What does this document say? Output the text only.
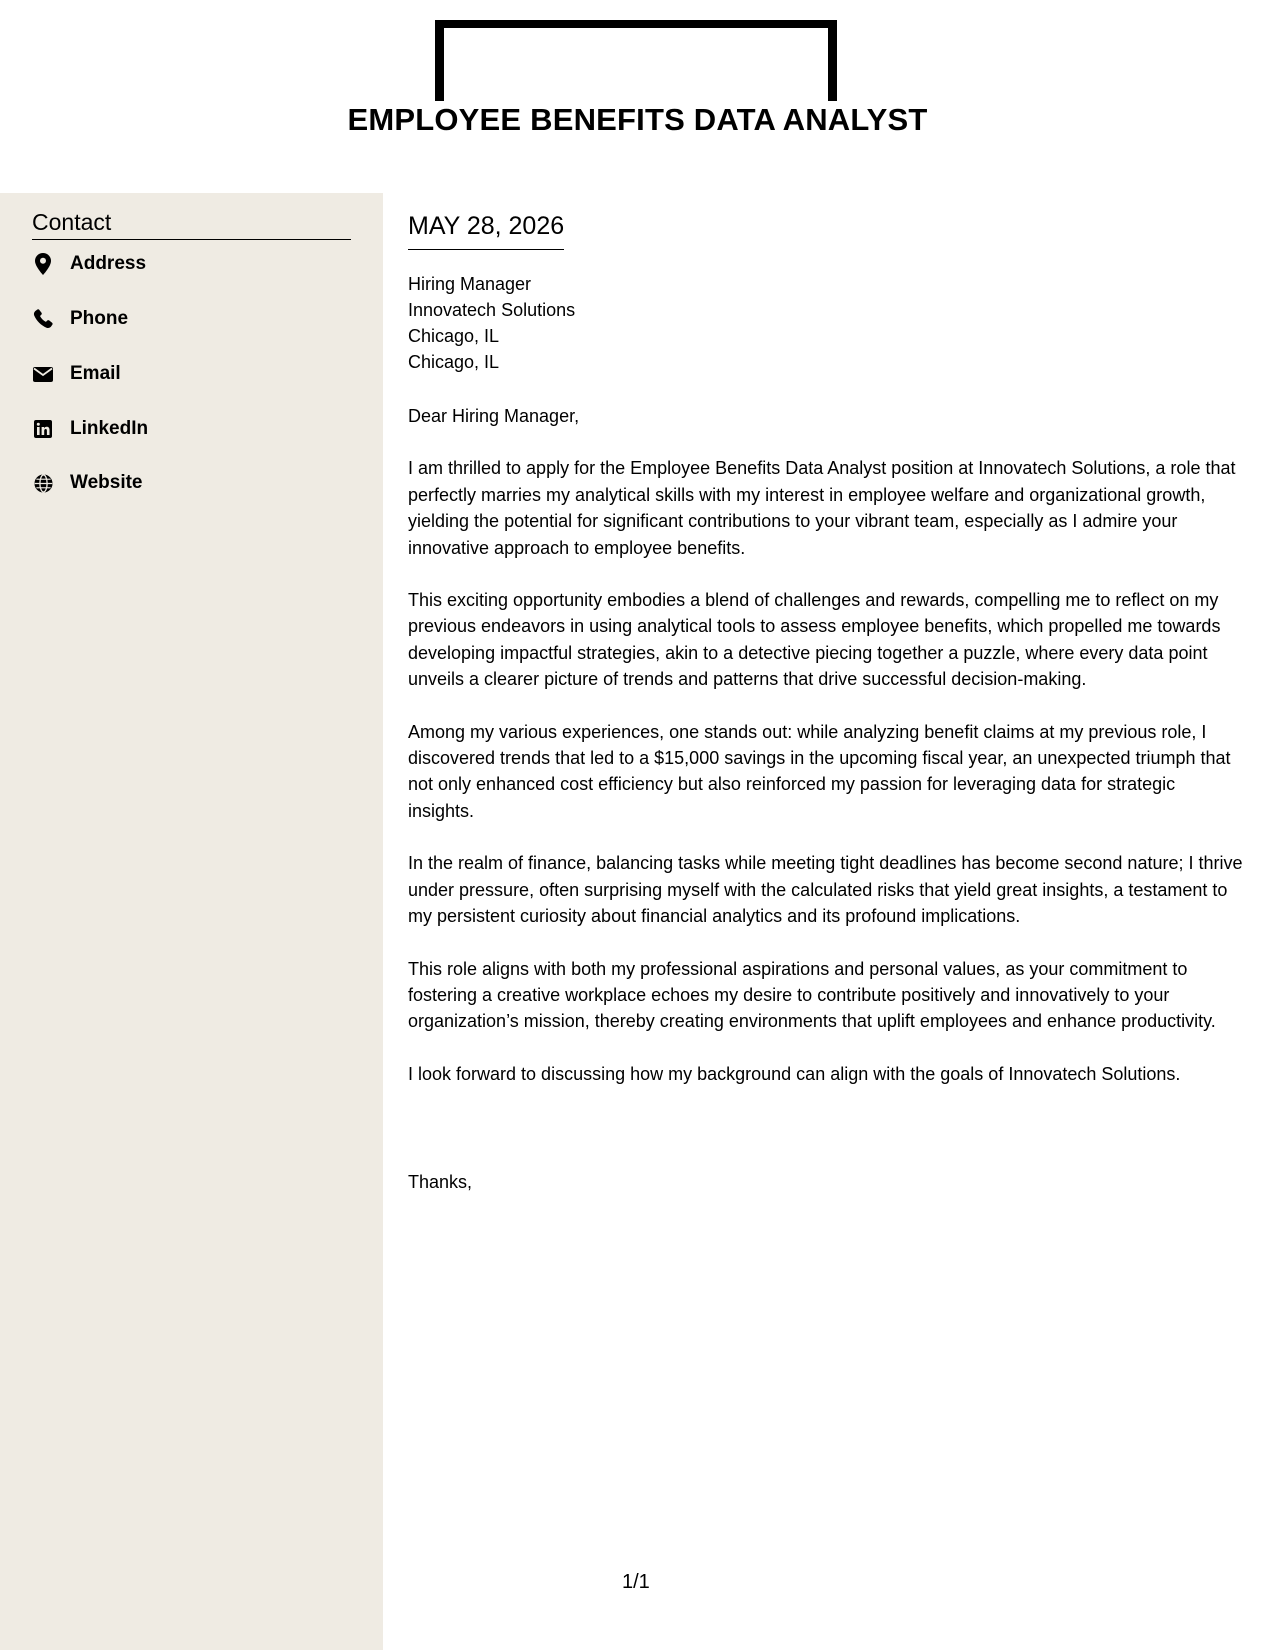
EMPLOYEE BENEFITS DATA ANALYST
Contact
Address
Phone
Email
LinkedIn
Website
MAY 28, 2026
Hiring Manager
Innovatech Solutions
Chicago, IL
Chicago, IL

Dear Hiring Manager,

I am thrilled to apply for the Employee Benefits Data Analyst position at Innovatech Solutions, a role that perfectly marries my analytical skills with my interest in employee welfare and organizational growth, yielding the potential for significant contributions to your vibrant team, especially as I admire your innovative approach to employee benefits.

This exciting opportunity embodies a blend of challenges and rewards, compelling me to reflect on my previous endeavors in using analytical tools to assess employee benefits, which propelled me towards developing impactful strategies, akin to a detective piecing together a puzzle, where every data point unveils a clearer picture of trends and patterns that drive successful decision-making.

Among my various experiences, one stands out: while analyzing benefit claims at my previous role, I discovered trends that led to a $15,000 savings in the upcoming fiscal year, an unexpected triumph that not only enhanced cost efficiency but also reinforced my passion for leveraging data for strategic insights.

In the realm of finance, balancing tasks while meeting tight deadlines has become second nature; I thrive under pressure, often surprising myself with the calculated risks that yield great insights, a testament to my persistent curiosity about financial analytics and its profound implications.

This role aligns with both my professional aspirations and personal values, as your commitment to fostering a creative workplace echoes my desire to contribute positively and innovatively to your organization’s mission, thereby creating environments that uplift employees and enhance productivity.

I look forward to discussing how my background can align with the goals of Innovatech Solutions.

Thanks,
1/1
